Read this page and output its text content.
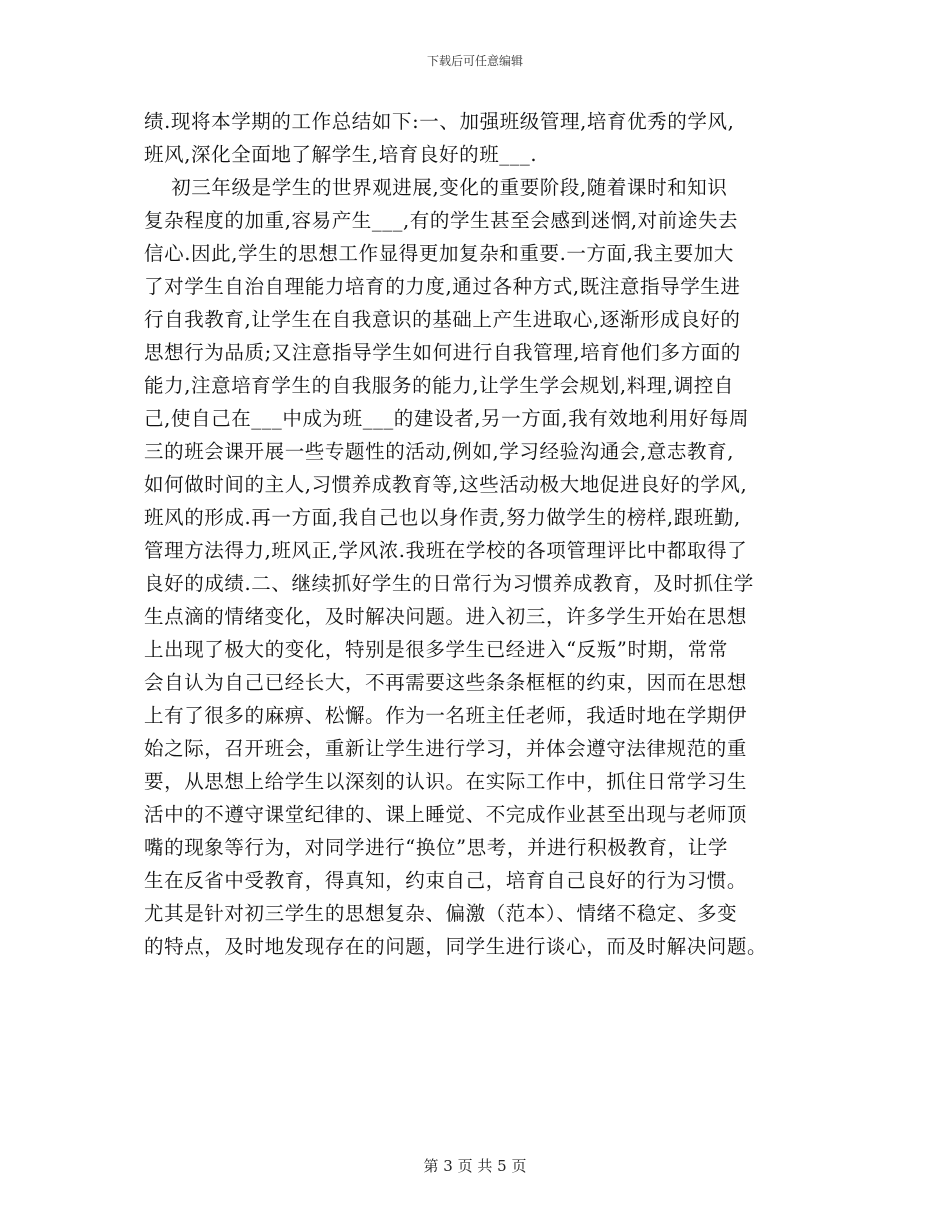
下载后可任意编辑
绩.现将本学期的工作总结如下:一、加强班级管理,培育优秀的学风,
班风,深化全面地了解学生,培育良好的班___.
初三年级是学生的世界观进展,变化的重要阶段,随着课时和知识
复杂程度的加重,容易产生___,有的学生甚至会感到迷惘,对前途失去
信心.因此,学生的思想工作显得更加复杂和重要.一方面,我主要加大
了对学生自治自理能力培育的力度,通过各种方式,既注意指导学生进
行自我教育,让学生在自我意识的基础上产生进取心,逐渐形成良好的
思想行为品质;又注意指导学生如何进行自我管理,培育他们多方面的
能力,注意培育学生的自我服务的能力,让学生学会规划,料理,调控自
己,使自己在___中成为班___的建设者,另一方面,我有效地利用好每周
三的班会课开展一些专题性的活动,例如,学习经验沟通会,意志教育,
如何做时间的主人,习惯养成教育等,这些活动极大地促进良好的学风,
班风的形成.再一方面,我自己也以身作责,努力做学生的榜样,跟班勤,
管理方法得力,班风正,学风浓.我班在学校的各项管理评比中都取得了
良好的成绩.二、继续抓好学生的日常行为习惯养成教育，及时抓住学
生点滴的情绪变化，及时解决问题。进入初三，许多学生开始在思想
上出现了极大的变化，特别是很多学生已经进入“反叛”时期，常常
会自认为自己已经长大，不再需要这些条条框框的约束，因而在思想
上有了很多的麻痹、松懈。作为一名班主任老师，我适时地在学期伊
始之际，召开班会，重新让学生进行学习，并体会遵守法律规范的重
要，从思想上给学生以深刻的认识。在实际工作中，抓住日常学习生
活中的不遵守课堂纪律的、课上睡觉、不完成作业甚至出现与老师顶
嘴的现象等行为，对同学进行“换位”思考，并进行积极教育，让学
生在反省中受教育，得真知，约束自己，培育自己良好的行为习惯。
尤其是针对初三学生的思想复杂、偏激（范本）、情绪不稳定、多变
的特点，及时地发现存在的问题，同学生进行谈心，而及时解决问题。
第 3 页 共 5 页
